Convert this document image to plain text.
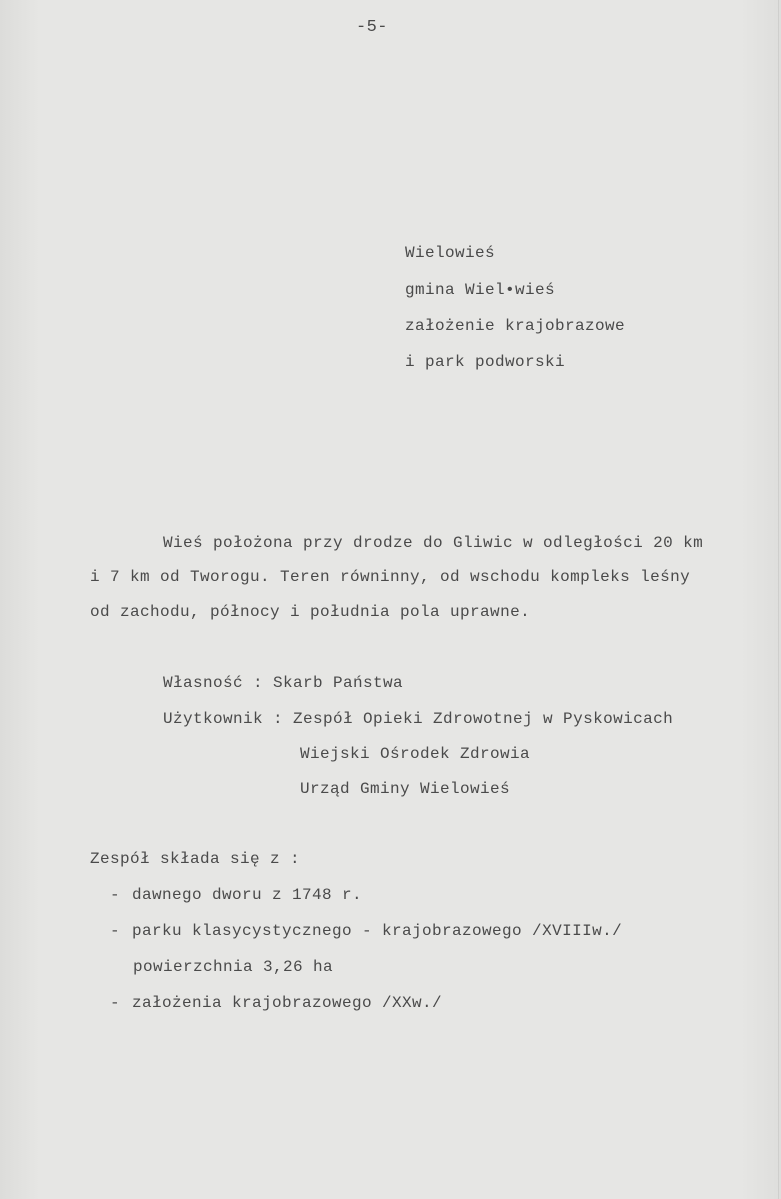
-5-
Wielowieś
gmina Wiel•wieś
założenie krajobrazowe
i park podworski
Wieś położona przy drodze do Gliwic w odległości 20 km
i 7 km od Tworogu. Teren równinny, od wschodu kompleks leśny
od zachodu, północy i południa pola uprawne.
Własność : Skarb Państwa
Użytkownik : Zespół Opieki Zdrowotnej w Pyskowicach
Wiejski Ośrodek Zdrowia
Urząd Gminy Wielowieś
Zespół składa się z :
- dawnego dworu z 1748 r.
- parku klasycystycznego - krajobrazowego /XVIIIw./
powierzchnia 3,26 ha
- założenia krajobrazowego /XXw./
